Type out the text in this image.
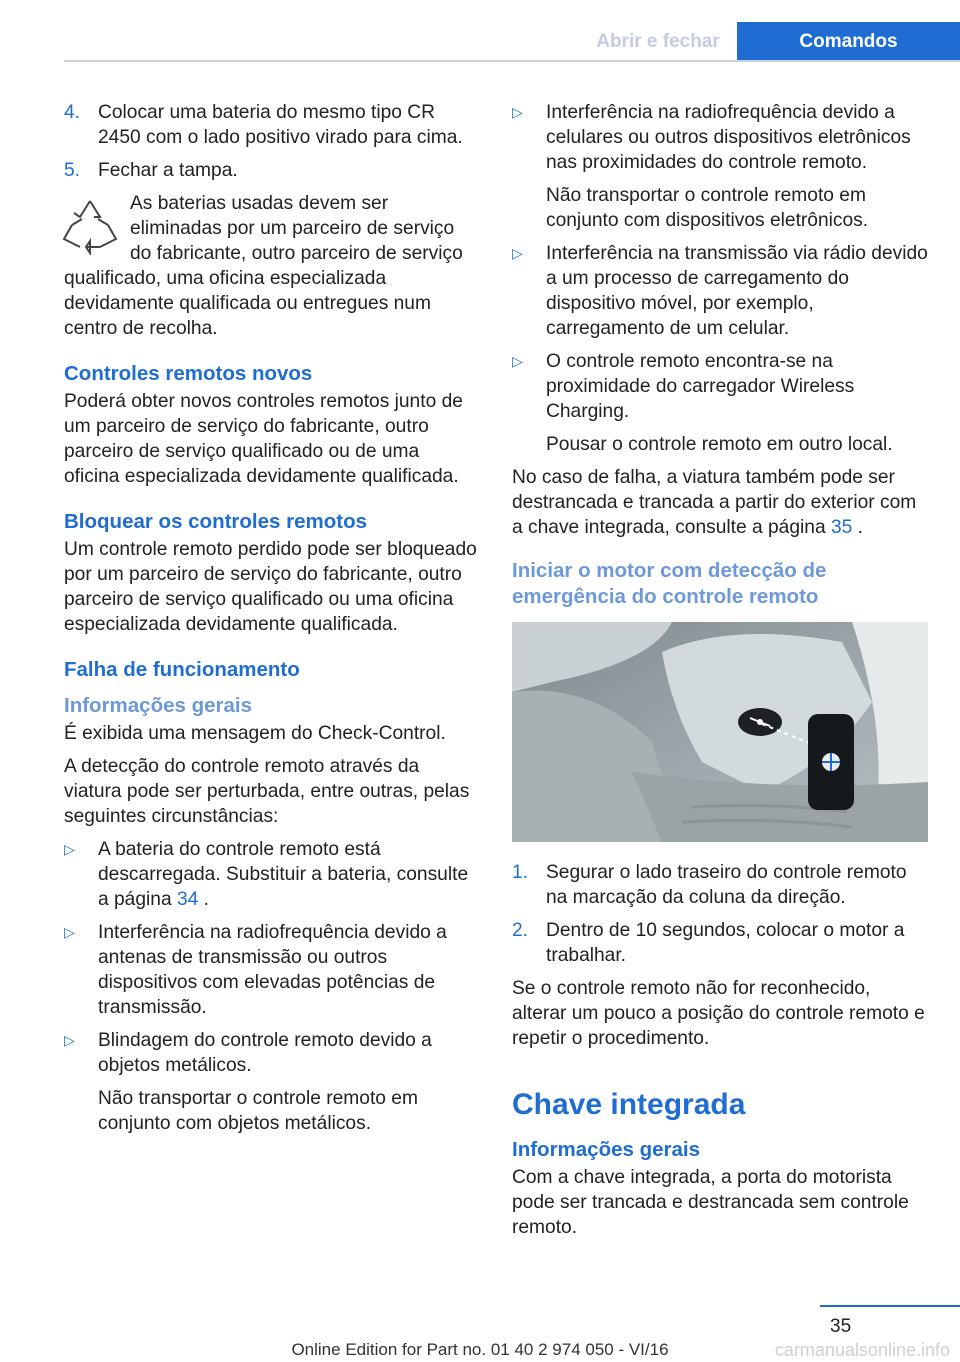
Abrir e fechar	Comandos
4. Colocar uma bateria do mesmo tipo CR 2450 com o lado positivo virado para cima.
5. Fechar a tampa.
As baterias usadas devem ser eliminadas por um parceiro de serviço do fabricante, outro parceiro de serviço qualificado, uma oficina especializada devidamente qualificada ou entregues num centro de recolha.
Controles remotos novos

Poderá obter novos controles remotos junto de um parceiro de serviço do fabricante, outro parceiro de serviço qualificado ou de uma oficina especializada devidamente qualificada.

Bloquear os controles remotos

Um controle remoto perdido pode ser bloqueado por um parceiro de serviço do fabricante, outro parceiro de serviço qualificado ou uma oficina especializada devidamente qualificada.

Falha de funcionamento
Informações gerais

É exibida uma mensagem do Check-Control.

A detecção do controle remoto através da viatura pode ser perturbada, entre outras, pelas seguintes circunstâncias:

▷ A bateria do controle remoto está descarregada. Substituir a bateria, consulte a página 34 .
▷ Interferência na radiofrequência devido a antenas de transmissão ou outros dispositivos com elevadas potências de transmissão.
▷ Blindagem do controle remoto devido a objetos metálicos.
Não transportar o controle remoto em conjunto com objetos metálicos.
▷ Interferência na radiofrequência devido a celulares ou outros dispositivos eletrônicos nas proximidades do controle remoto.
Não transportar o controle remoto em conjunto com dispositivos eletrônicos.
▷ Interferência na transmissão via rádio devido a um processo de carregamento do dispositivo móvel, por exemplo, carregamento de um celular.
▷ O controle remoto encontra-se na proximidade do carregador Wireless Charging.
Pousar o controle remoto em outro local.

No caso de falha, a viatura também pode ser destrancada e trancada a partir do exterior com a chave integrada, consulte a página 35 .

Iniciar o motor com detecção de emergência do controle remoto
1. Segurar o lado traseiro do controle remoto na marcação da coluna da direção.
2. Dentro de 10 segundos, colocar o motor a trabalhar.

Se o controle remoto não for reconhecido, alterar um pouco a posição do controle remoto e repetir o procedimento.

Chave integrada
Informações gerais

Com a chave integrada, a porta do motorista pode ser trancada e destrancada sem controle remoto.

35
Online Edition for Part no. 01 40 2 974 050 - VI/16	carmanualsonline.info
